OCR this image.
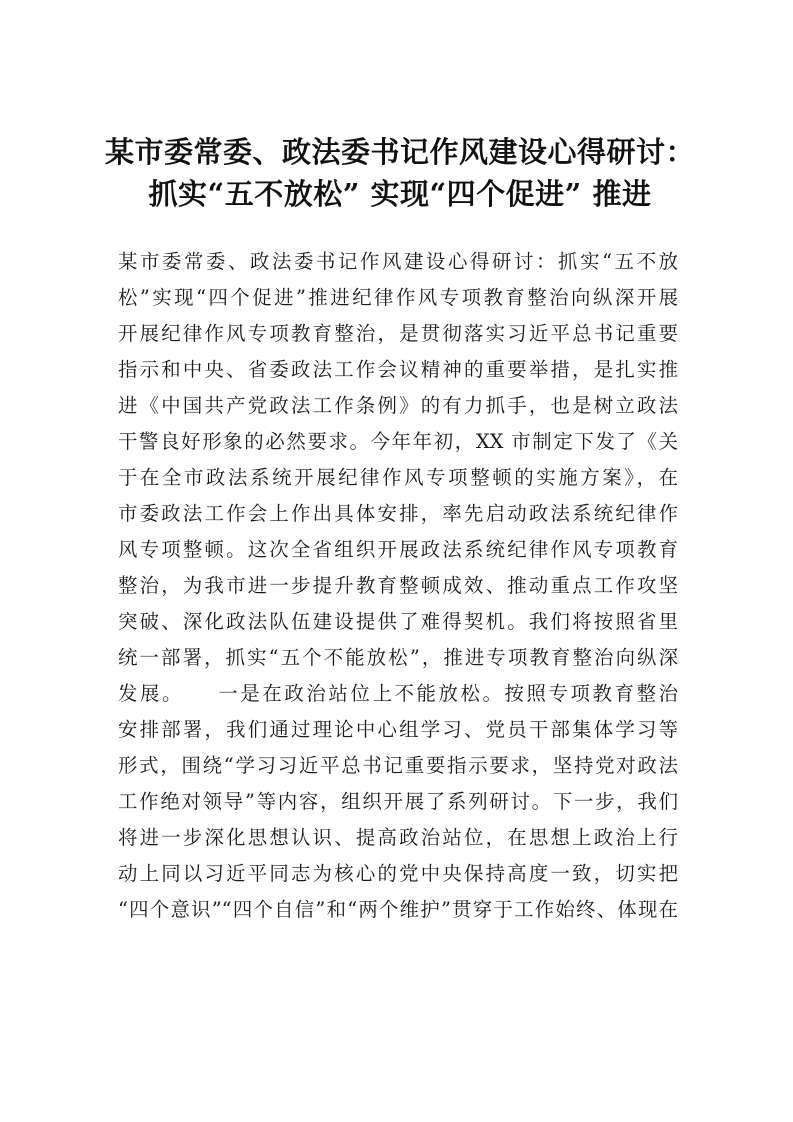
某市委常委、政法委书记作风建设心得研讨：
抓实“五不放松” 实现“四个促进” 推进
某市委常委、政法委书记作风建设心得研讨：抓实“五不放
松”实现“四个促进”推进纪律作风专项教育整治向纵深开展
开展纪律作风专项教育整治，是贯彻落实习近平总书记重要
指示和中央、省委政法工作会议精神的重要举措，是扎实推
进《中国共产党政法工作条例》的有力抓手，也是树立政法
干警良好形象的必然要求。今年年初，XX 市制定下发了《关
于在全市政法系统开展纪律作风专项整顿的实施方案》，在
市委政法工作会上作出具体安排，率先启动政法系统纪律作
风专项整顿。这次全省组织开展政法系统纪律作风专项教育
整治，为我市进一步提升教育整顿成效、推动重点工作攻坚
突破、深化政法队伍建设提供了难得契机。我们将按照省里
统一部署，抓实“五个不能放松”，推进专项教育整治向纵深
发展。　　一是在政治站位上不能放松。按照专项教育整治
安排部署，我们通过理论中心组学习、党员干部集体学习等
形式，围绕“学习习近平总书记重要指示要求，坚持党对政法
工作绝对领导”等内容，组织开展了系列研讨。下一步，我们
将进一步深化思想认识、提高政治站位，在思想上政治上行
动上同以习近平同志为核心的党中央保持高度一致，切实把
“四个意识”“四个自信”和“两个维护”贯穿于工作始终、体现在
